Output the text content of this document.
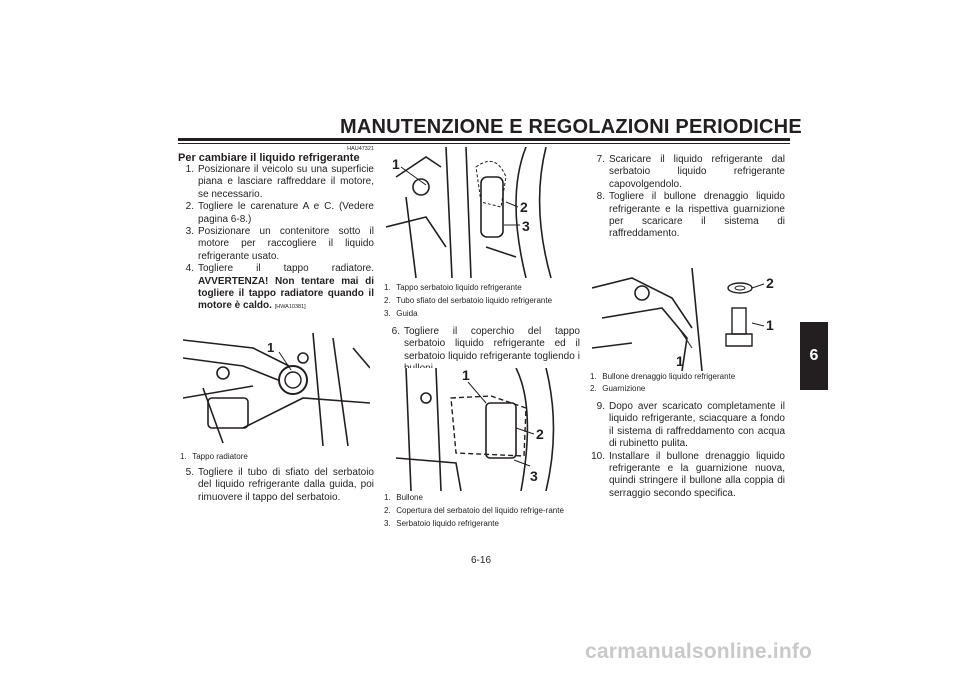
MANUTENZIONE E REGOLAZIONI PERIODICHE
6
HAU47321
Per cambiare il liquido refrigerante
1. Posizionare il veicolo su una superficie piana e lasciare raffreddare il motore, se necessario.
2. Togliere le carenature A e C. (Vedere pagina 6-8.)
3. Posizionare un contenitore sotto il motore per raccogliere il liquido refrigerante usato.
4. Togliere il tappo radiatore. AVVERTENZA! Non tentare mai di togliere il tappo radiatore quando il motore è caldo. [HWA10381]
1
1.
Tappo radiatore
5. Togliere il tubo di sfiato del serbatoio del liquido refrigerante dalla guida, poi rimuovere il tappo del serbatoio.
1
2
3
1.
Tappo serbatoio liquido refrigerante
2.
Tubo sfiato del serbatoio liquido refrigerante
3.
Guida
6. Togliere il coperchio del tappo serbatoio liquido refrigerante ed il serbatoio liquido refrigerante togliendo i
1
2
3
1.
Bullone
2.
Copertura del serbatoio del liquido refrige-rante
3.
Serbatoio liquido refrigerante
7. Scaricare il liquido refrigerante dal serbatoio liquido refrigerante capovolgendolo.
8. Togliere il bullone drenaggio liquido refrigerante e la rispettiva guarnizione per scaricare il sistema di raffreddamento.
2
1
1
1.
Bullone drenaggio liquido refrigerante
2.
Guarnizione
9. Dopo aver scaricato completamente il liquido refrigerante, sciacquare a fondo il sistema di raffreddamento con acqua di rubinetto pulita.
10. Installare il bullone drenaggio liquido refrigerante e la guarnizione nuova, quindi stringere il bullone alla coppia di serraggio secondo specifica.
6-16
carmanualsonline.info
